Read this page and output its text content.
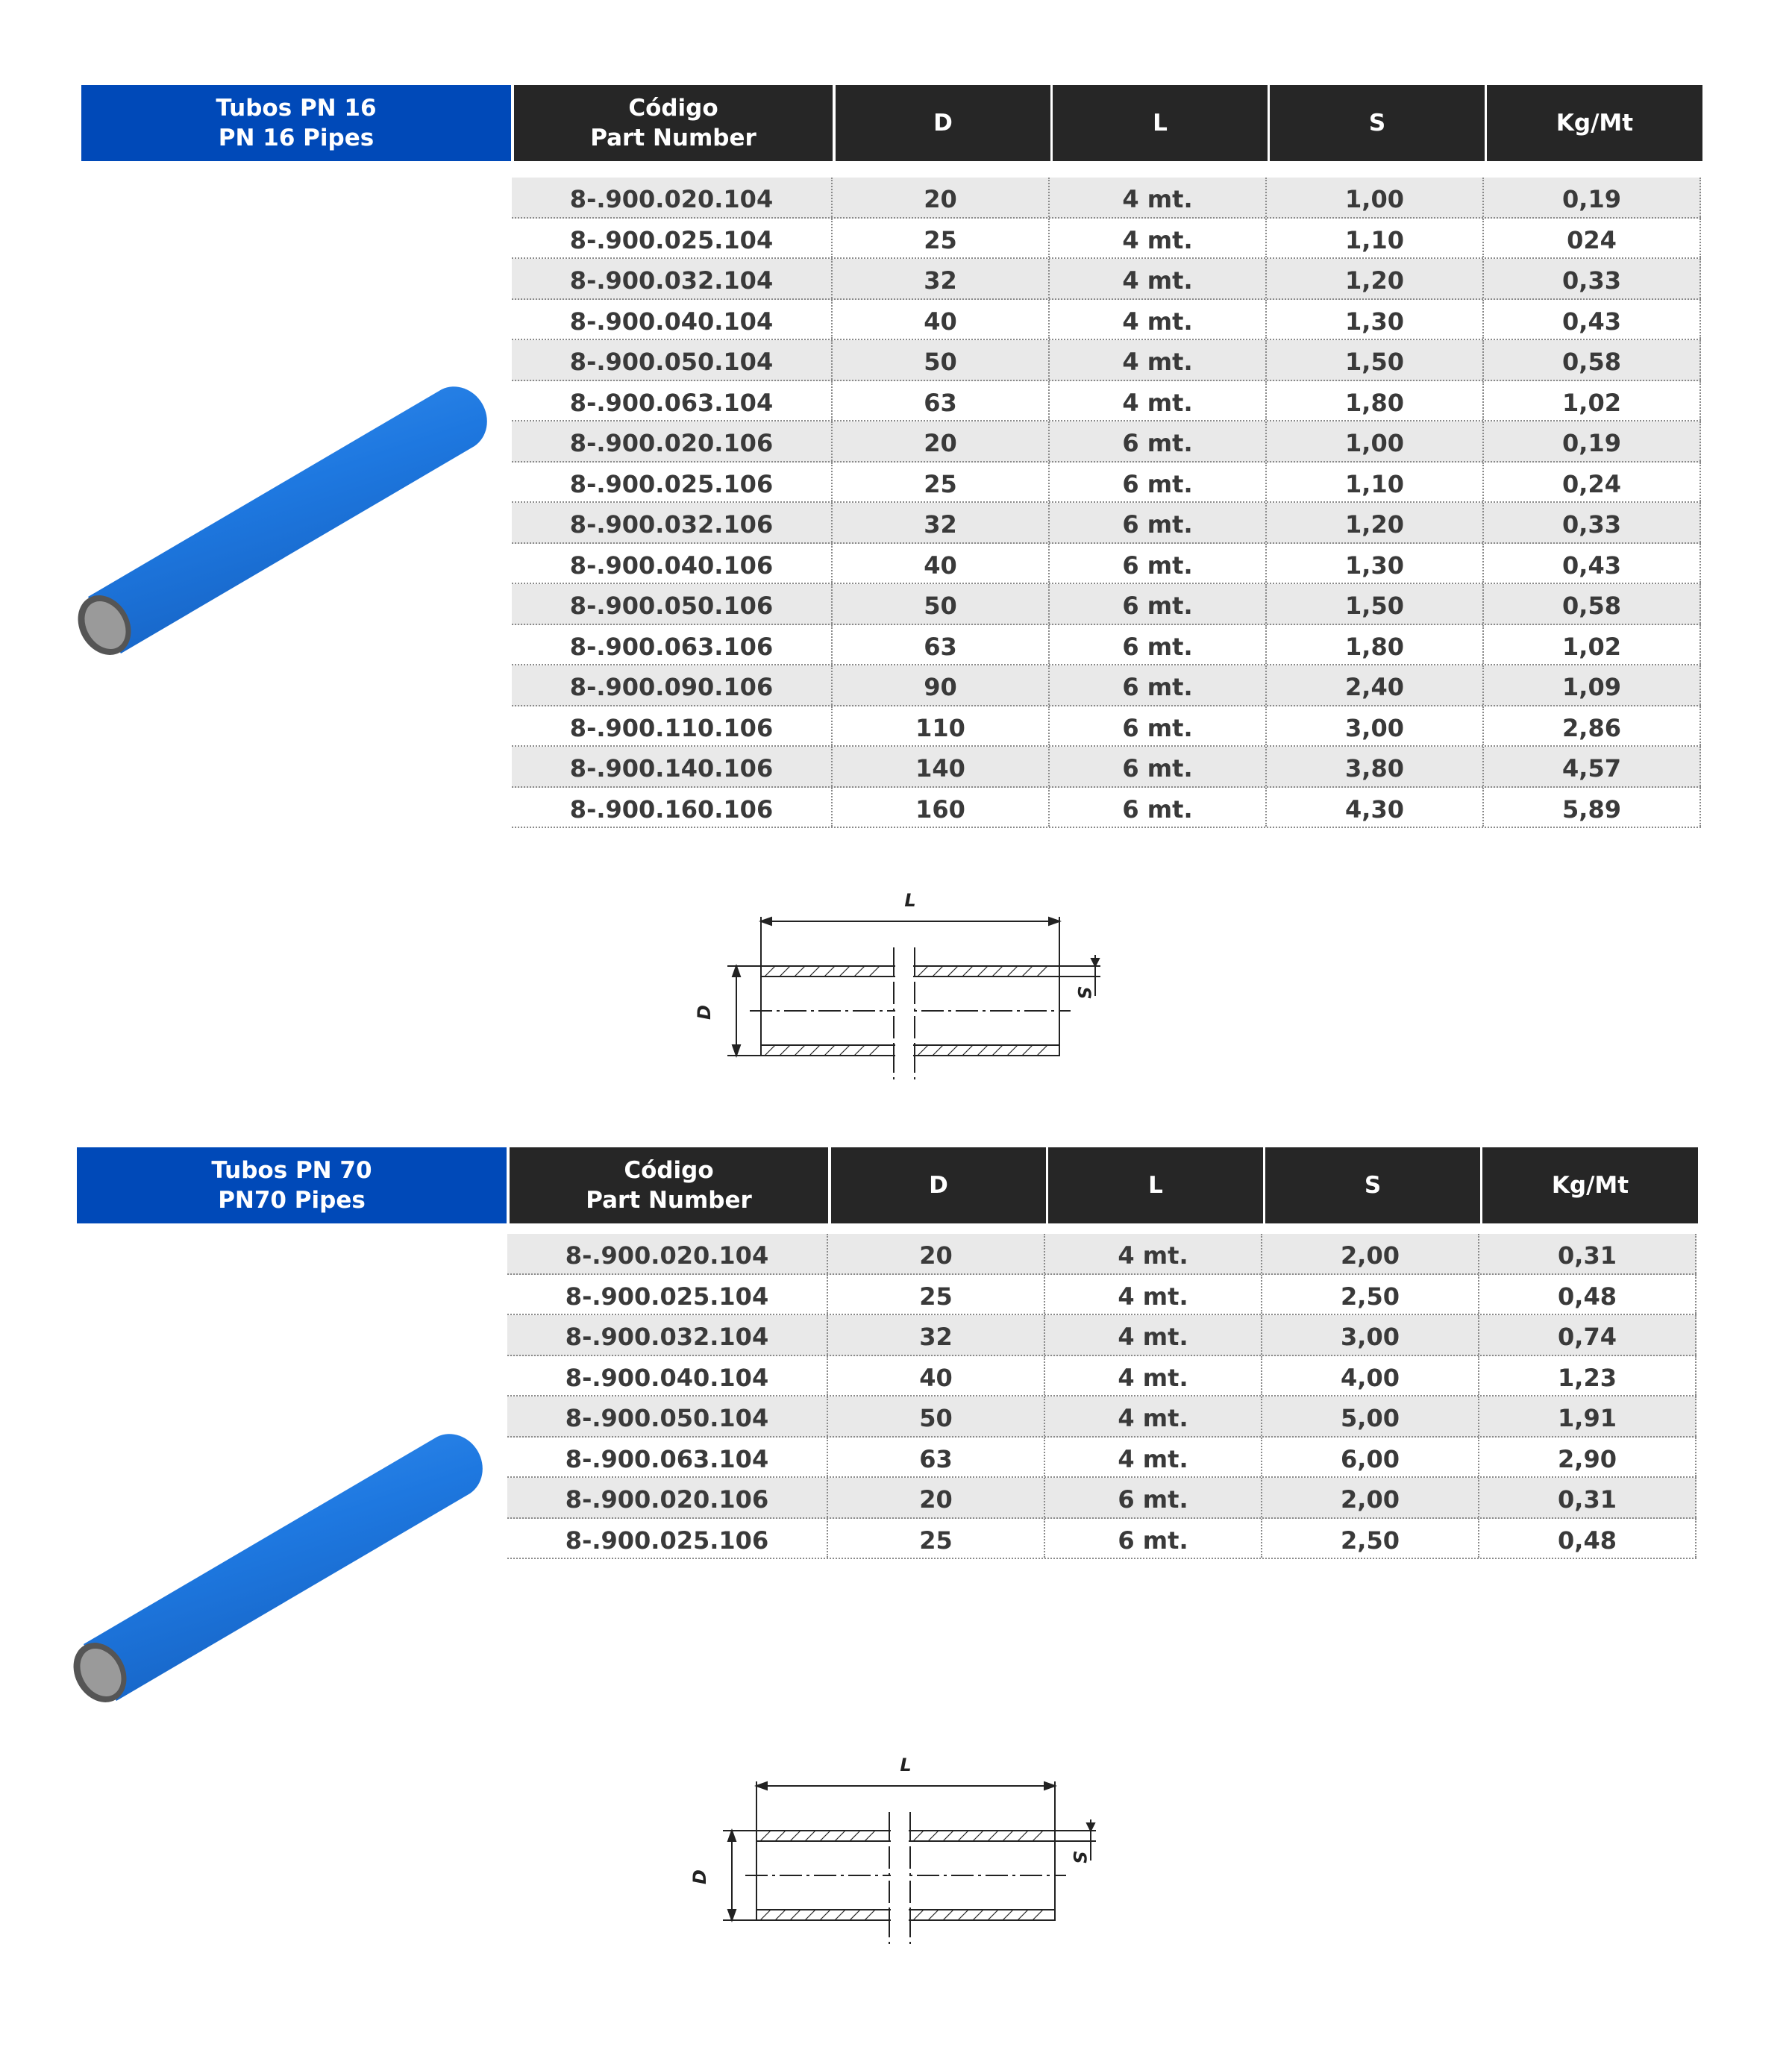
Tubos PN 16
PN 16 Pipes
Código
Part Number
D	L	S	Kg/Mt
8-.900.020.104	20	4 mt.	1,00	0,19
8-.900.025.104	25	4 mt.	1,10	024
8-.900.032.104	32	4 mt.	1,20	0,33
8-.900.040.104	40	4 mt.	1,30	0,43
8-.900.050.104	50	4 mt.	1,50	0,58
8-.900.063.104	63	4 mt.	1,80	1,02
8-.900.020.106	20	6 mt.	1,00	0,19
8-.900.025.106	25	6 mt.	1,10	0,24
8-.900.032.106	32	6 mt.	1,20	0,33
8-.900.040.106	40	6 mt.	1,30	0,43
8-.900.050.106	50	6 mt.	1,50	0,58
8-.900.063.106	63	6 mt.	1,80	1,02
8-.900.090.106	90	6 mt.	2,40	1,09
8-.900.110.106	110	6 mt.	3,00	2,86
8-.900.140.106	140	6 mt.	3,80	4,57
8-.900.160.106	160	6 mt.	4,30	5,89
L
D
S
Tubos PN 70
PN70 Pipes
Código
Part Number
D	L	S	Kg/Mt
8-.900.020.104	20	4 mt.	2,00	0,31
8-.900.025.104	25	4 mt.	2,50	0,48
8-.900.032.104	32	4 mt.	3,00	0,74
8-.900.040.104	40	4 mt.	4,00	1,23
8-.900.050.104	50	4 mt.	5,00	1,91
8-.900.063.104	63	4 mt.	6,00	2,90
8-.900.020.106	20	6 mt.	2,00	0,31
8-.900.025.106	25	6 mt.	2,50	0,48
L
D
S
